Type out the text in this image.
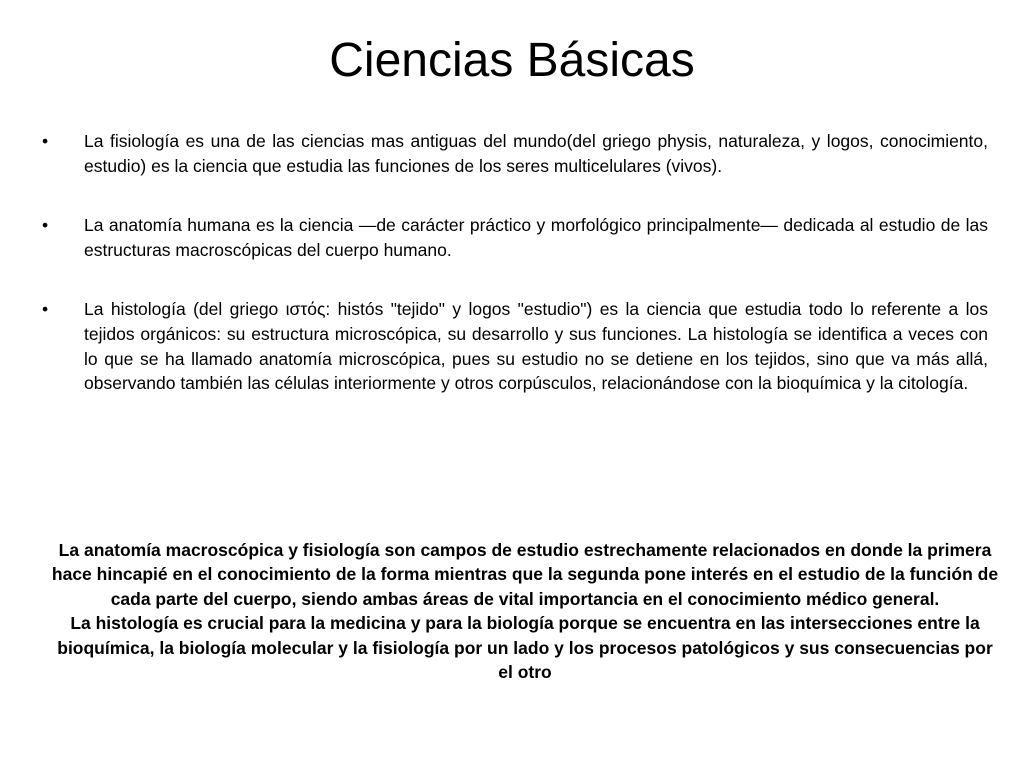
Ciencias Básicas
•	La fisiología es una de las ciencias mas antiguas del mundo(del griego physis, naturaleza, y logos, conocimiento, estudio) es la ciencia que estudia las funciones de los seres multicelulares (vivos).
•	La anatomía humana es la ciencia —de carácter práctico y morfológico principalmente— dedicada al estudio de las estructuras macroscópicas del cuerpo humano.
•	La histología (del griego ιστός: histós "tejido" y logos "estudio") es la ciencia que estudia todo lo referente a los tejidos orgánicos: su estructura microscópica, su desarrollo y sus funciones. La histología se identifica a veces con lo que se ha llamado anatomía microscópica, pues su estudio no se detiene en los tejidos, sino que va más allá, observando también las células interiormente y otros corpúsculos, relacionándose con la bioquímica y la citología.

La anatomía macroscópica y fisiología son campos de estudio estrechamente relacionados en donde la primera hace hincapié en el conocimiento de la forma mientras que la segunda pone interés en el estudio de la función de cada parte del cuerpo, siendo ambas áreas de vital importancia en el conocimiento médico general.

La histología es crucial para la medicina y para la biología porque se encuentra en las intersecciones entre la bioquímica, la biología molecular y la fisiología por un lado y los procesos patológicos y sus consecuencias por el otro
